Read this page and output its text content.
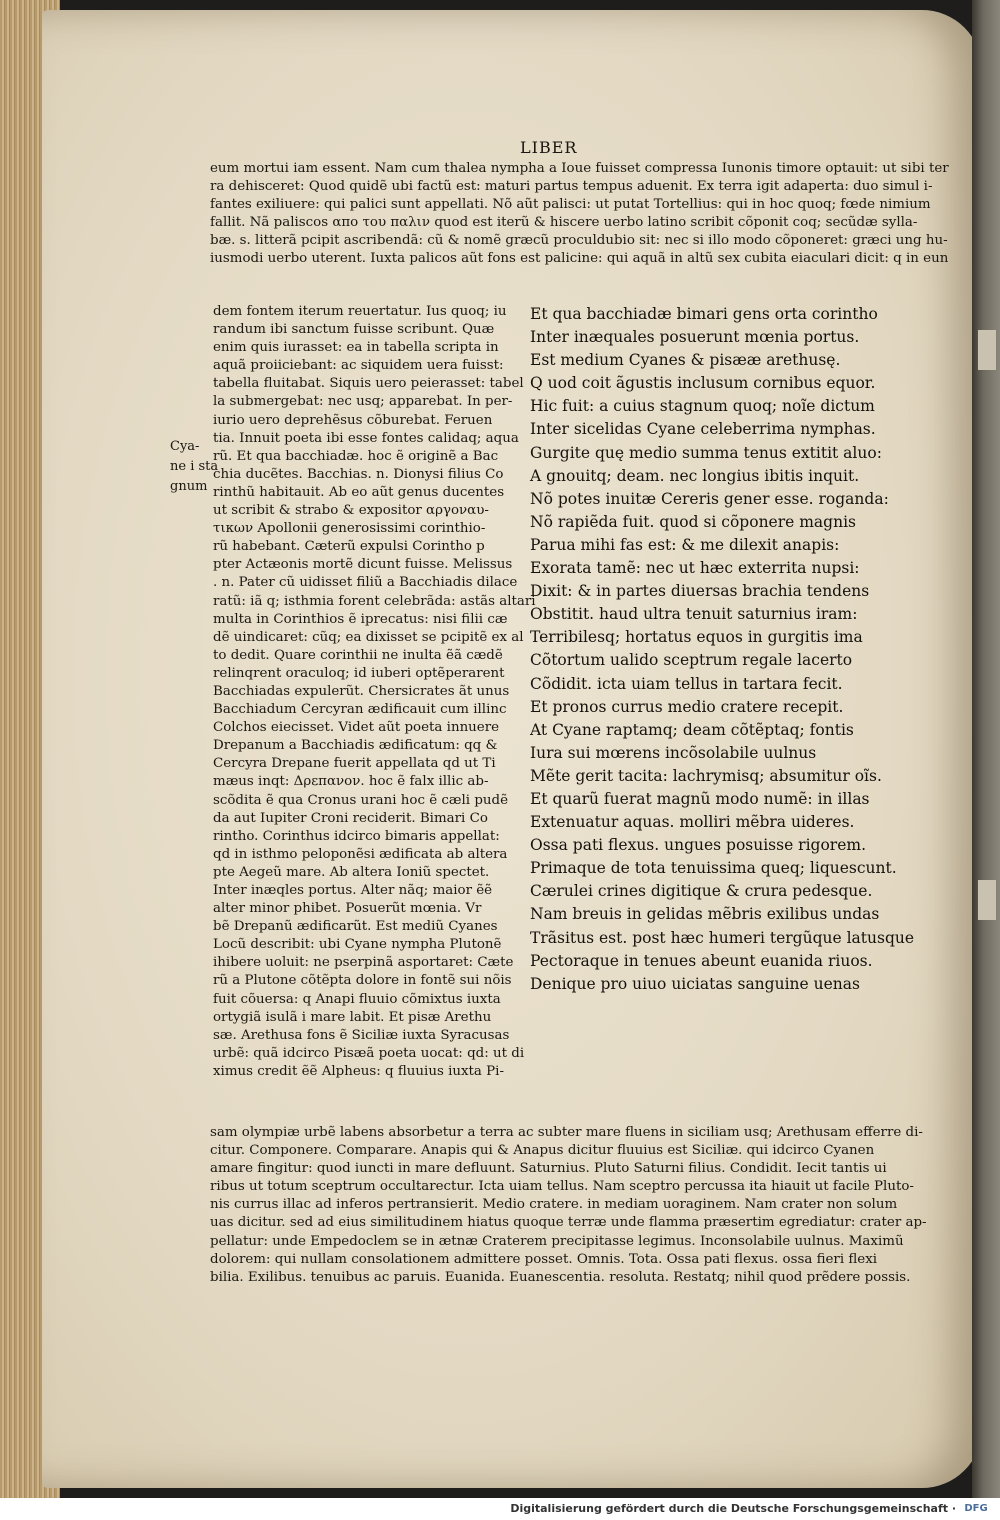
LIBER
eum mortui iam essent. Nam cum thalea nympha a Ioue fuisset compressa Iunonis timore optauit: ut sibi ter
ra dehisceret: Quod quidẽ ubi factũ est: maturi partus tempus aduenit. Ex terra igit adaperta: duo simul i-
fantes exiliuere: qui palici sunt appellati. Nõ aũt palisci: ut putat Tortellius: qui in hoc quoq; fœde nimium
fallit. Nã paliscos απο του παλιν quod est iterũ & hiscere uerbo latino scribit cõponit coq; secũdæ sylla-
bæ. s. litterã pcipit ascribendã: cũ & nomẽ græcũ proculdubio sit: nec si illo modo cõponeret: græci ung hu-
iusmodi uerbo uterent. Iuxta palicos aũt fons est palicine: qui aquã in altũ sex cubita eiaculari dicit: q in eun
Cya-
ne i sta
gnum
dem fontem iterum reuertatur. Ius quoq; iu
randum ibi sanctum fuisse scribunt. Quæ
enim quis iurasset: ea in tabella scripta in
aquã proiiciebant: ac siquidem uera fuisst:
tabella fluitabat. Siquis uero peierasset: tabel
la submergebat: nec usq; apparebat. In per-
iurio uero deprehẽsus cõburebat. Feruen
tia. Innuit poeta ibi esse fontes calidaq; aqua
rũ. Et qua bacchiadæ. hoc ẽ originẽ a Bac
chia ducẽtes. Bacchias. n. Dionysi filius Co
rinthũ habitauit. Ab eo aũt genus ducentes
ut scribit & strabo & expositor αργοναυ-
τικων Apollonii generosissimi corinthio-
rũ habebant. Cæterũ expulsi Corintho p
pter Actæonis mortẽ dicunt fuisse. Melissus
. n. Pater cũ uidisset filiũ a Bacchiadis dilace
ratũ: iã q; isthmia forent celebrãda: astãs altari
multa in Corinthios ẽ iprecatus: nisi filii cæ
dẽ uindicaret: cũq; ea dixisset se pcipitẽ ex al
to dedit. Quare corinthii ne inulta ẽã cædẽ
relinqrent oraculoq; id iuberi optẽperarent
Bacchiadas expulerũt. Chersicrates ãt unus
Bacchiadum Cercyran ædificauit cum illinc
Colchos eiecisset. Videt aũt poeta innuere
Drepanum a Bacchiadis ædificatum: qq &
Cercyra Drepane fuerit appellata qd ut Ti
mæus inqt: Δρεπανον. hoc ẽ falx illic ab-
scõdita ẽ qua Cronus urani hoc ẽ cæli pudẽ
da aut Iupiter Croni reciderit. Bimari Co
rintho. Corinthus idcirco bimaris appellat:
qd in isthmo peloponẽsi ædificata ab altera
pte Aegeũ mare. Ab altera Ioniũ spectet.
Inter inæqles portus. Alter nãq; maior ẽẽ
alter minor phibet. Posuerũt mœnia. Vr
bẽ Drepanũ ædificarũt. Est mediũ Cyanes
Locũ describit: ubi Cyane nympha Plutonẽ
ihibere uoluit: ne pserpinã asportaret: Cæte
rũ a Plutone cõtẽpta dolore in fontẽ sui nõis
fuit cõuersa: q Anapi fluuio cõmixtus iuxta
ortygiã isulã i mare labit. Et pisæ Arethu
sæ. Arethusa fons ẽ Siciliæ iuxta Syracusas
urbẽ: quã idcirco Pisæã poeta uocat: qd: ut di
ximus credit ẽẽ Alpheus: q fluuius iuxta Pi-
Et qua bacchiadæ bimari gens orta corintho
Inter inæquales posuerunt mœnia portus.
Est medium Cyanes & pisææ arethusę.
Q uod coit ãgustis inclusum cornibus equor.
Hic fuit: a cuius stagnum quoq; noĩe dictum
Inter sicelidas Cyane celeberrima nymphas.
Gurgite quę medio summa tenus extitit aluo:
A gnouitq; deam. nec longius ibitis inquit.
Nõ potes inuitæ Cereris gener esse. roganda:
Nõ rapiẽda fuit. quod si cõponere magnis
Parua mihi fas est: & me dilexit anapis:
Exorata tamẽ: nec ut hæc exterrita nupsi:
Dixit: & in partes diuersas brachia tendens
Obstitit. haud ultra tenuit saturnius iram:
Terribilesq; hortatus equos in gurgitis ima
Cõtortum ualido sceptrum regale lacerto
Cõdidit. icta uiam tellus in tartara fecit.
Et pronos currus medio cratere recepit.
At Cyane raptamq; deam cõtẽptaq; fontis
Iura sui mœrens incõsolabile uulnus
Mẽte gerit tacita: lachrymisq; absumitur oĩs.
Et quarũ fuerat magnũ modo numẽ: in illas
Extenuatur aquas. molliri mẽbra uideres.
Ossa pati flexus. ungues posuisse rigorem.
Primaque de tota tenuissima queq; liquescunt.
Cærulei crines digitique & crura pedesque.
Nam breuis in gelidas mẽbris exilibus undas
Trãsitus est. post hæc humeri tergũque latusque
Pectoraque in tenues abeunt euanida riuos.
Denique pro uiuo uiciatas sanguine uenas
sam olympiæ urbẽ labens absorbetur a terra ac subter mare fluens in siciliam usq; Arethusam efferre di-
citur. Componere. Comparare. Anapis qui & Anapus dicitur fluuius est Siciliæ. qui idcirco Cyanen
amare fingitur: quod iuncti in mare defluunt. Saturnius. Pluto Saturni filius. Condidit. Iecit tantis ui
ribus ut totum sceptrum occultarectur. Icta uiam tellus. Nam sceptro percussa ita hiauit ut facile Pluto-
nis currus illac ad inferos pertransierit. Medio cratere. in mediam uoraginem. Nam crater non solum
uas dicitur. sed ad eius similitudinem hiatus quoque terræ unde flamma præsertim egrediatur: crater ap-
pellatur: unde Empedoclem se in ætnæ Craterem precipitasse legimus. Inconsolabile uulnus. Maximũ
dolorem: qui nullam consolationem admittere posset. Omnis. Tota. Ossa pati flexus. ossa fieri flexi
bilia. Exilibus. tenuibus ac paruis. Euanida. Euanescentia. resoluta. Restatq; nihil quod prẽdere possis.
Digitalisierung gefördert durch die Deutsche Forschungsgemeinschaft · DFG
